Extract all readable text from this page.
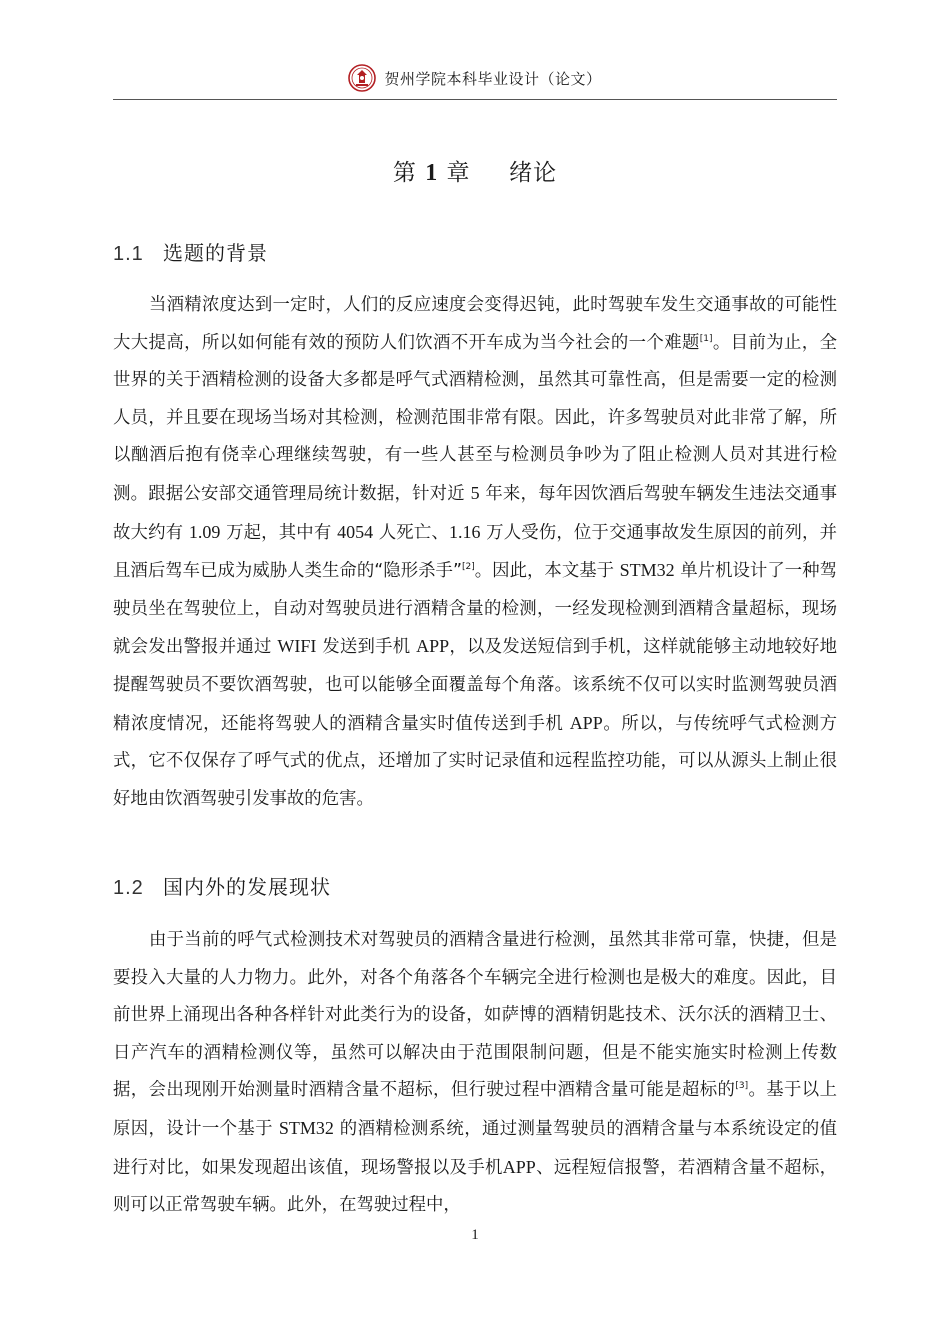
贺州学院本科毕业设计（论文）
第 1 章 绪论
1.1 选题的背景

当酒精浓度达到一定时，人们的反应速度会变得迟钝，此时驾驶车发生交通事故的可能性大大提高，所以如何能有效的预防人们饮酒不开车成为当今社会的一个难题[1]。目前为止，全世界的关于酒精检测的设备大多都是呼气式酒精检测，虽然其可靠性高，但是需要一定的检测人员，并且要在现场当场对其检测，检测范围非常有限。因此，许多驾驶员对此非常了解，所以酗酒后抱有侥幸心理继续驾驶，有一些人甚至与检测员争吵为了阻止检测人员对其进行检测。跟据公安部交通管理局统计数据，针对近 5 年来，每年因饮酒后驾驶车辆发生违法交通事故大约有 1.09 万起，其中有 4054 人死亡、1.16 万人受伤，位于交通事故发生原因的前列，并且酒后驾车已成为威胁人类生命的“隐形杀手”[2]。因此，本文基于 STM32 单片机设计了一种驾驶员坐在驾驶位上，自动对驾驶员进行酒精含量的检测，一经发现检测到酒精含量超标，现场就会发出警报并通过 WIFI 发送到手机 APP，以及发送短信到手机，这样就能够主动地较好地提醒驾驶员不要饮酒驾驶，也可以能够全面覆盖每个角落。该系统不仅可以实时监测驾驶员酒精浓度情况，还能将驾驶人的酒精含量实时值传送到手机 APP。所以，与传统呼气式检测方式，它不仅保存了呼气式的优点，还增加了实时记录值和远程监控功能，可以从源头上制止很好地由饮酒驾驶引发事故的危害。

1.2 国内外的发展现状

由于当前的呼气式检测技术对驾驶员的酒精含量进行检测，虽然其非常可靠，快捷，但是要投入大量的人力物力。此外，对各个角落各个车辆完全进行检测也是极大的难度。因此，目前世界上涌现出各种各样针对此类行为的设备，如萨博的酒精钥匙技术、沃尔沃的酒精卫士、 日产汽车的酒精检测仪等，虽然可以解决由于范围限制问题，但是不能实施实时检测上传数据，会出现刚开始测量时酒精含量不超标，但行驶过程中酒精含量可能是超标的[3]。基于以上原因，设计一个基于 STM32 的酒精检测系统，通过测量驾驶员的酒精含量与本系统设定的值进行对比，如果发现超出该值，现场警报以及手机APP、远程短信报警，若酒精含量不超标，则可以正常驾驶车辆。此外，在驾驶过程中，

1
